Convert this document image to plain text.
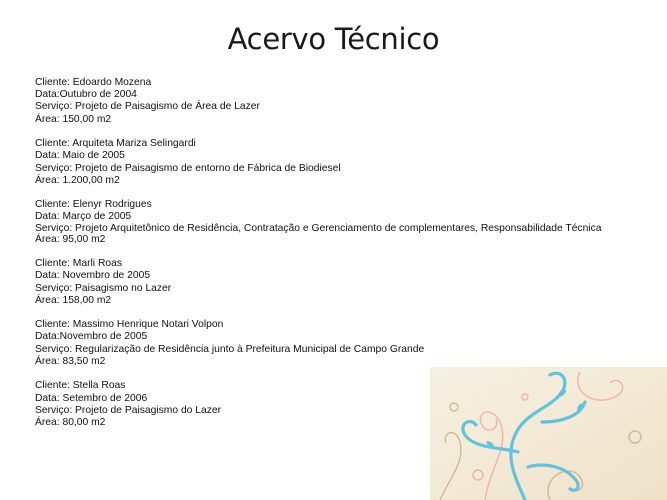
Acervo Técnico
Cliente: Edoardo Mozena
Data:Outubro de 2004
Serviço: Projeto de Paisagismo de Área de Lazer
Área: 150,00 m2
Cliente: Arquiteta Mariza Selingardi
Data: Maio de 2005
Serviço: Projeto de Paisagismo de entorno de Fábrica de Biodiesel
Área: 1.200,00 m2
Cliente: Elenyr Rodrigues
Data: Março de 2005
Serviço: Projeto Arquitetônico de Residência, Contratação e Gerenciamento de complementares, Responsabilidade Técnica
Área: 95,00 m2
Cliente: Marli Roas
Data: Novembro de 2005
Serviço: Paisagismo no Lazer
Área: 158,00 m2
Cliente: Massimo Henrique Notari Volpon
Data:Novembro de 2005
Serviço: Regularização de Residência junto à Prefeitura Municipal de Campo Grande
Área: 83,50 m2
Cliente: Stella Roas
Data: Setembro de 2006
Serviço: Projeto de Paisagismo do Lazer
Área: 80,00 m2
